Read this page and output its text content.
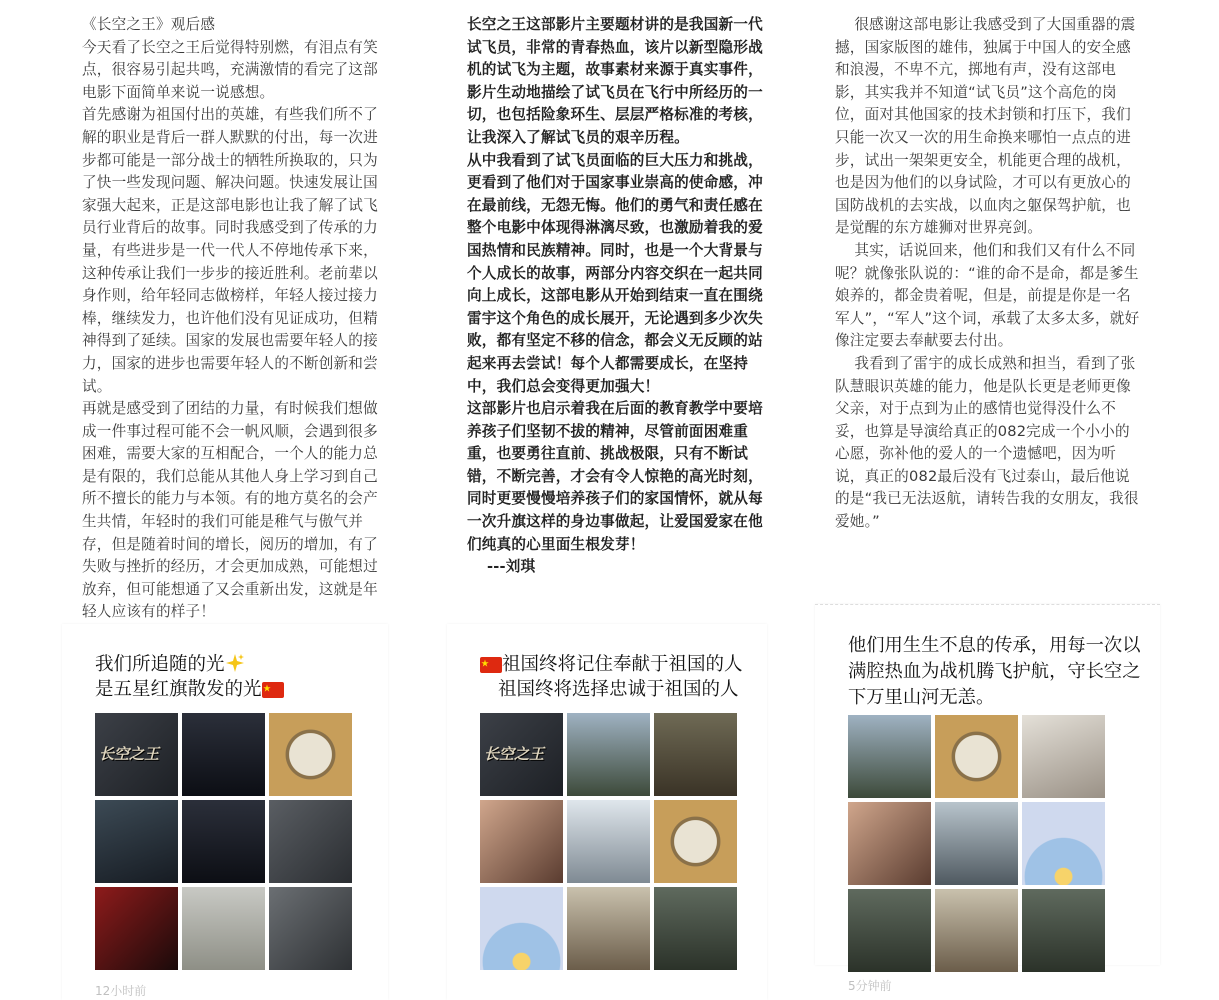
《长空之王》观后感

今天看了长空之王后觉得特别燃，有泪点有笑点，很容易引起共鸣，充满激情的看完了这部电影下面简单来说一说感想。

首先感谢为祖国付出的英雄，有些我们所不了解的职业是背后一群人默默的付出，每一次进步都可能是一部分战士的牺牲所换取的，只为了快一些发现问题、解决问题。快速发展让国家强大起来，正是这部电影也让我了解了试飞员行业背后的故事。同时我感受到了传承的力量，有些进步是一代一代人不停地传承下来，这种传承让我们一步步的接近胜利。老前辈以身作则，给年轻同志做榜样，年轻人接过接力棒，继续发力，也许他们没有见证成功，但精神得到了延续。国家的发展也需要年轻人的接力，国家的进步也需要年轻人的不断创新和尝试。

再就是感受到了团结的力量，有时候我们想做成一件事过程可能不会一帆风顺，会遇到很多困难，需要大家的互相配合，一个人的能力总是有限的，我们总能从其他人身上学习到自己所不擅长的能力与本领。有的地方莫名的会产生共情，年轻时的我们可能是稚气与傲气并存，但是随着时间的增长，阅历的增加，有了失败与挫折的经历，才会更加成熟，可能想过放弃，但可能想通了又会重新出发，这就是年轻人应该有的样子！

长空之王这部影片主要题材讲的是我国新一代试飞员，非常的青春热血，该片以新型隐形战机的试飞为主题，故事素材来源于真实事件，影片生动地描绘了试飞员在飞行中所经历的一切，也包括险象环生、层层严格标准的考核，让我深入了解试飞员的艰辛历程。

从中我看到了试飞员面临的巨大压力和挑战，更看到了他们对于国家事业崇高的使命感，冲在最前线，无怨无悔。他们的勇气和责任感在整个电影中体现得淋漓尽致，也激励着我的爱国热情和民族精神。同时，也是一个大背景与个人成长的故事，两部分内容交织在一起共同向上成长，这部电影从开始到结束一直在围绕雷宇这个角色的成长展开，无论遇到多少次失败，都有坚定不移的信念，都会义无反顾的站起来再去尝试！每个人都需要成长，在坚持中，我们总会变得更加强大！

这部影片也启示着我在后面的教育教学中要培养孩子们坚韧不拔的精神，尽管前面困难重重，也要勇往直前、挑战极限，只有不断试错，不断完善，才会有令人惊艳的高光时刻，同时更要慢慢培养孩子们的家国情怀，就从每一次升旗这样的身边事做起，让爱国爱家在他们纯真的心里面生根发芽！

---刘琪

很感谢这部电影让我感受到了大国重器的震撼，国家版图的雄伟，独属于中国人的安全感和浪漫，不卑不亢，掷地有声，没有这部电影，其实我并不知道“试飞员”这个高危的岗位，面对其他国家的技术封锁和打压下，我们只能一次又一次的用生命换来哪怕一点点的进步，试出一架架更安全，机能更合理的战机，也是因为他们的以身试险，才可以有更放心的国防战机的去实战，以血肉之躯保驾护航，也是觉醒的东方雄狮对世界亮剑。

其实，话说回来，他们和我们又有什么不同呢？就像张队说的：“谁的命不是命，都是爹生娘养的，都金贵着呢，但是，前提是你是一名军人”，“军人”这个词，承载了太多太多，就好像注定要去奉献要去付出。

我看到了雷宇的成长成熟和担当，看到了张队慧眼识英雄的能力，他是队长更是老师更像父亲，对于点到为止的感情也觉得没什么不妥，也算是导演给真正的082完成一个小小的心愿，弥补他的爱人的一个遗憾吧，因为听说，真正的082最后没有飞过泰山，最后他说的是“我已无法返航，请转告我的女朋友，我很爱她。”

我们所追随的光
是五星红旗散发的光
长空之王
12小时前
祖国终将记住奉献于祖国的人
祖国终将选择忠诚于祖国的人
长空之王
他们用生生不息的传承，用每一次以满腔热血为战机腾飞护航，守长空之下万里山河无恙。
5分钟前
